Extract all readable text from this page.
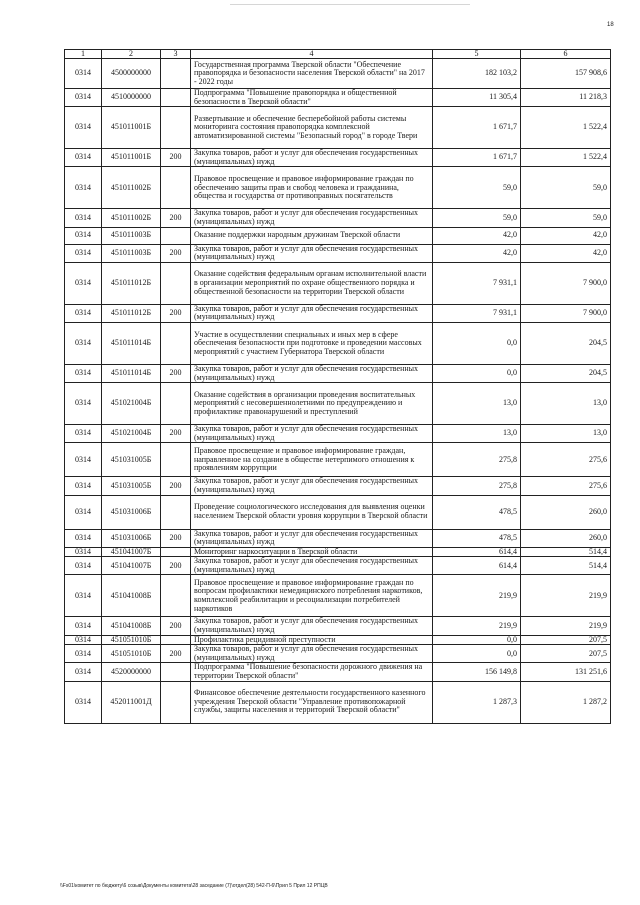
18
1	2	3	4	5	6
0314	4500000000		Государственная программа Тверской области "Обеспечение правопорядка и безопасности населения Тверской области" на 2017 - 2022 годы	182 103,2	157 908,6
0314	4510000000		Подпрограмма "Повышение правопорядка и общественной безопасности в Тверской области"	11 305,4	11 218,3
0314	451011001Б		Развертывание и обеспечение бесперебойной работы системы мониторинга состояния правопорядка комплексной автоматизированной системы "Безопасный город" в городе Твери	1 671,7	1 522,4
0314	451011001Б	200	Закупка товаров, работ и услуг для обеспечения государственных (муниципальных) нужд	1 671,7	1 522,4
0314	451011002Б		Правовое просвещение и правовое информирование граждан по обеспечению защиты прав и свобод человека и гражданина, общества и государства от противоправных посягательств	59,0	59,0
0314	451011002Б	200	Закупка товаров, работ и услуг для обеспечения государственных (муниципальных) нужд	59,0	59,0
0314	451011003Б		Оказание поддержки народным дружинам Тверской области	42,0	42,0
0314	451011003Б	200	Закупка товаров, работ и услуг для обеспечения государственных (муниципальных) нужд	42,0	42,0
0314	451011012Б		Оказание содействия федеральным органам исполнительной власти в организации мероприятий по охране общественного порядка и общественной безопасности на территории Тверской области	7 931,1	7 900,0
0314	451011012Б	200	Закупка товаров, работ и услуг для обеспечения государственных (муниципальных) нужд	7 931,1	7 900,0
0314	451011014Б		Участие в осуществлении специальных и иных мер в сфере обеспечения безопасности при подготовке и проведении массовых мероприятий с участием Губернатора Тверской области	0,0	204,5
0314	451011014Б	200	Закупка товаров, работ и услуг для обеспечения государственных (муниципальных) нужд	0,0	204,5
0314	451021004Б		Оказание содействия в организации проведения воспитательных мероприятий с несовершеннолетними по предупреждению и профилактике правонарушений и преступлений	13,0	13,0
0314	451021004Б	200	Закупка товаров, работ и услуг для обеспечения государственных (муниципальных) нужд	13,0	13,0
0314	451031005Б		Правовое просвещение и правовое информирование граждан, направленное на создание в обществе нетерпимого отношения к проявлениям коррупции	275,8	275,6
0314	451031005Б	200	Закупка товаров, работ и услуг для обеспечения государственных (муниципальных) нужд	275,8	275,6
0314	451031006Б		Проведение социологического исследования для выявления оценки населением Тверской области уровня коррупции в Тверской области	478,5	260,0
0314	451031006Б	200	Закупка товаров, работ и услуг для обеспечения государственных (муниципальных) нужд	478,5	260,0
0314	451041007Б		Мониторинг наркоситуации в Тверской области	614,4	514,4
0314	451041007Б	200	Закупка товаров, работ и услуг для обеспечения государственных (муниципальных) нужд	614,4	514,4
0314	451041008Б		Правовое просвещение и правовое информирование граждан по вопросам профилактики немедицинского потребления наркотиков, комплексной реабилитации и ресоциализации потребителей наркотиков	219,9	219,9
0314	451041008Б	200	Закупка товаров, работ и услуг для обеспечения государственных (муниципальных) нужд	219,9	219,9
0314	451051010Б		Профилактика рецидивной преступности	0,0	207,5
0314	451051010Б	200	Закупка товаров, работ и услуг для обеспечения государственных (муниципальных) нужд	0,0	207,5
0314	4520000000		Подпрограмма "Повышение безопасности дорожного движения на территории Тверской области"	156 149,8	131 251,6
0314	452011001Д		Финансовое обеспечение деятельности государственного казенного учреждения Тверской области "Управление противопожарной службы, защиты населения и территорий Тверской области"	1 287,3	1 287,2
\\Fs01\комитет по бюджету\6 созыв\Документы комитета\28 заседание (7)\отдел(28) 542-П-6\Прил 5 Прил 12 РПЦВ
